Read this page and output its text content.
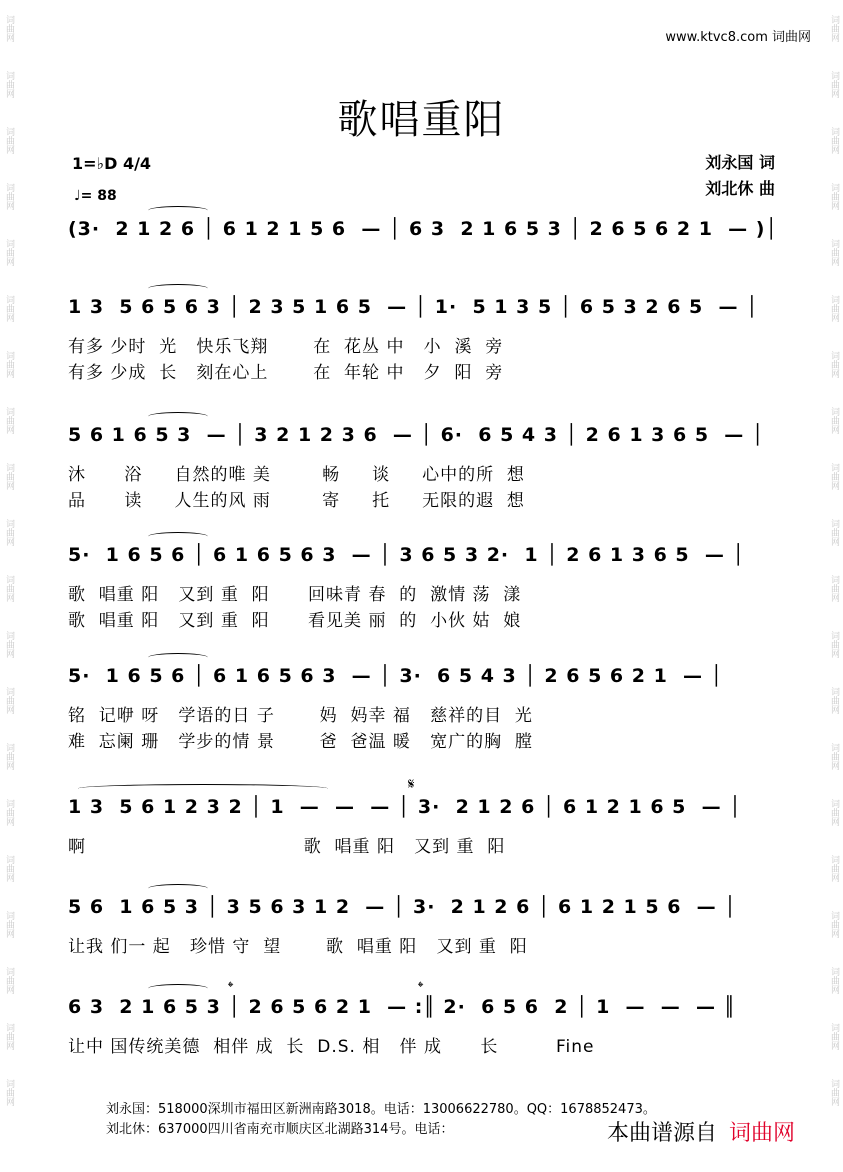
词曲网
词曲网
词曲网
词曲网
词曲网
词曲网
词曲网
词曲网
词曲网
词曲网
词曲网
词曲网
词曲网
词曲网
词曲网
词曲网
词曲网
词曲网
词曲网
词曲网
词曲网
词曲网
词曲网
词曲网
词曲网
词曲网
词曲网
词曲网
词曲网
词曲网
词曲网
词曲网
词曲网
词曲网
词曲网
词曲网
词曲网
词曲网
词曲网
词曲网
www.ktvc8.com 词曲网
歌唱重阳
1=♭D 4/4
♩= 88
刘永国 词
刘北休 曲
(3·  2 1 2 6 │ 6 1 2 1 5 6  — │ 6 3  2 1 6 5 3 │ 2 6 5 6 2 1  — )│
1 3  5 6 5 6 3 │ 2 3 5 1 6 5  — │ 1·  5 1 3 5 │ 6 5 3 2 6 5  — │
有多 少时  光   快乐飞翔       在  花丛 中   小  溪  旁
有多 少成  长   刻在心上       在  年轮 中   夕  阳  旁
5 6 1 6 5 3  — │ 3 2 1 2 3 6  — │ 6·  6 5 4 3 │ 2 6 1 3 6 5  — │
沐      浴     自然的唯 美        畅     谈     心中的所  想
品      读     人生的风 雨        寄     托     无限的遐  想
5·  1 6 5 6 │ 6 1 6 5 6 3  — │ 3 6 5 3 2·  1 │ 2 6 1 3 6 5  — │
歌  唱重 阳   又到 重  阳      回味青 春  的  激情 荡  漾
歌  唱重 阳   又到 重  阳      看见美 丽  的  小伙 姑  娘
5·  1 6 5 6 │ 6 1 6 5 6 3  — │ 3·  6 5 4 3 │ 2 6 5 6 2 1  — │
铭  记咿 呀   学语的日 子       妈  妈幸 福   慈祥的目  光
难  忘阑 珊   学步的情 景       爸  爸温 暖   宽广的胸  膛
1 3  5 6 1 2 3 2 │ 1  —  —  — │ 3·  2 1 2 6 │ 6 1 2 1 6 5  — │
啊                                  歌  唱重 阳   又到 重  阳
5 6  1 6 5 3 │ 3 5 6 3 1 2  — │ 3·  2 1 2 6 │ 6 1 2 1 5 6  — │
让我 们一 起   珍惜 守  望       歌  唱重 阳   又到 重  阳
6 3  2 1 6 5 3 │ 2 6 5 6 2 1  — :║ 2·  6 5 6  2 │ 1  —  —  — ║
让中 国传统美德  相伴 成  长  D.S. 相   伴 成      长         Fine
𝄋
𝄌	𝄌
刘永国：518000深圳市福田区新洲南路3018。电话：13006622780。QQ：1678852473。
刘北休：637000四川省南充市顺庆区北湖路314号。电话：	本曲谱源自 词曲网
